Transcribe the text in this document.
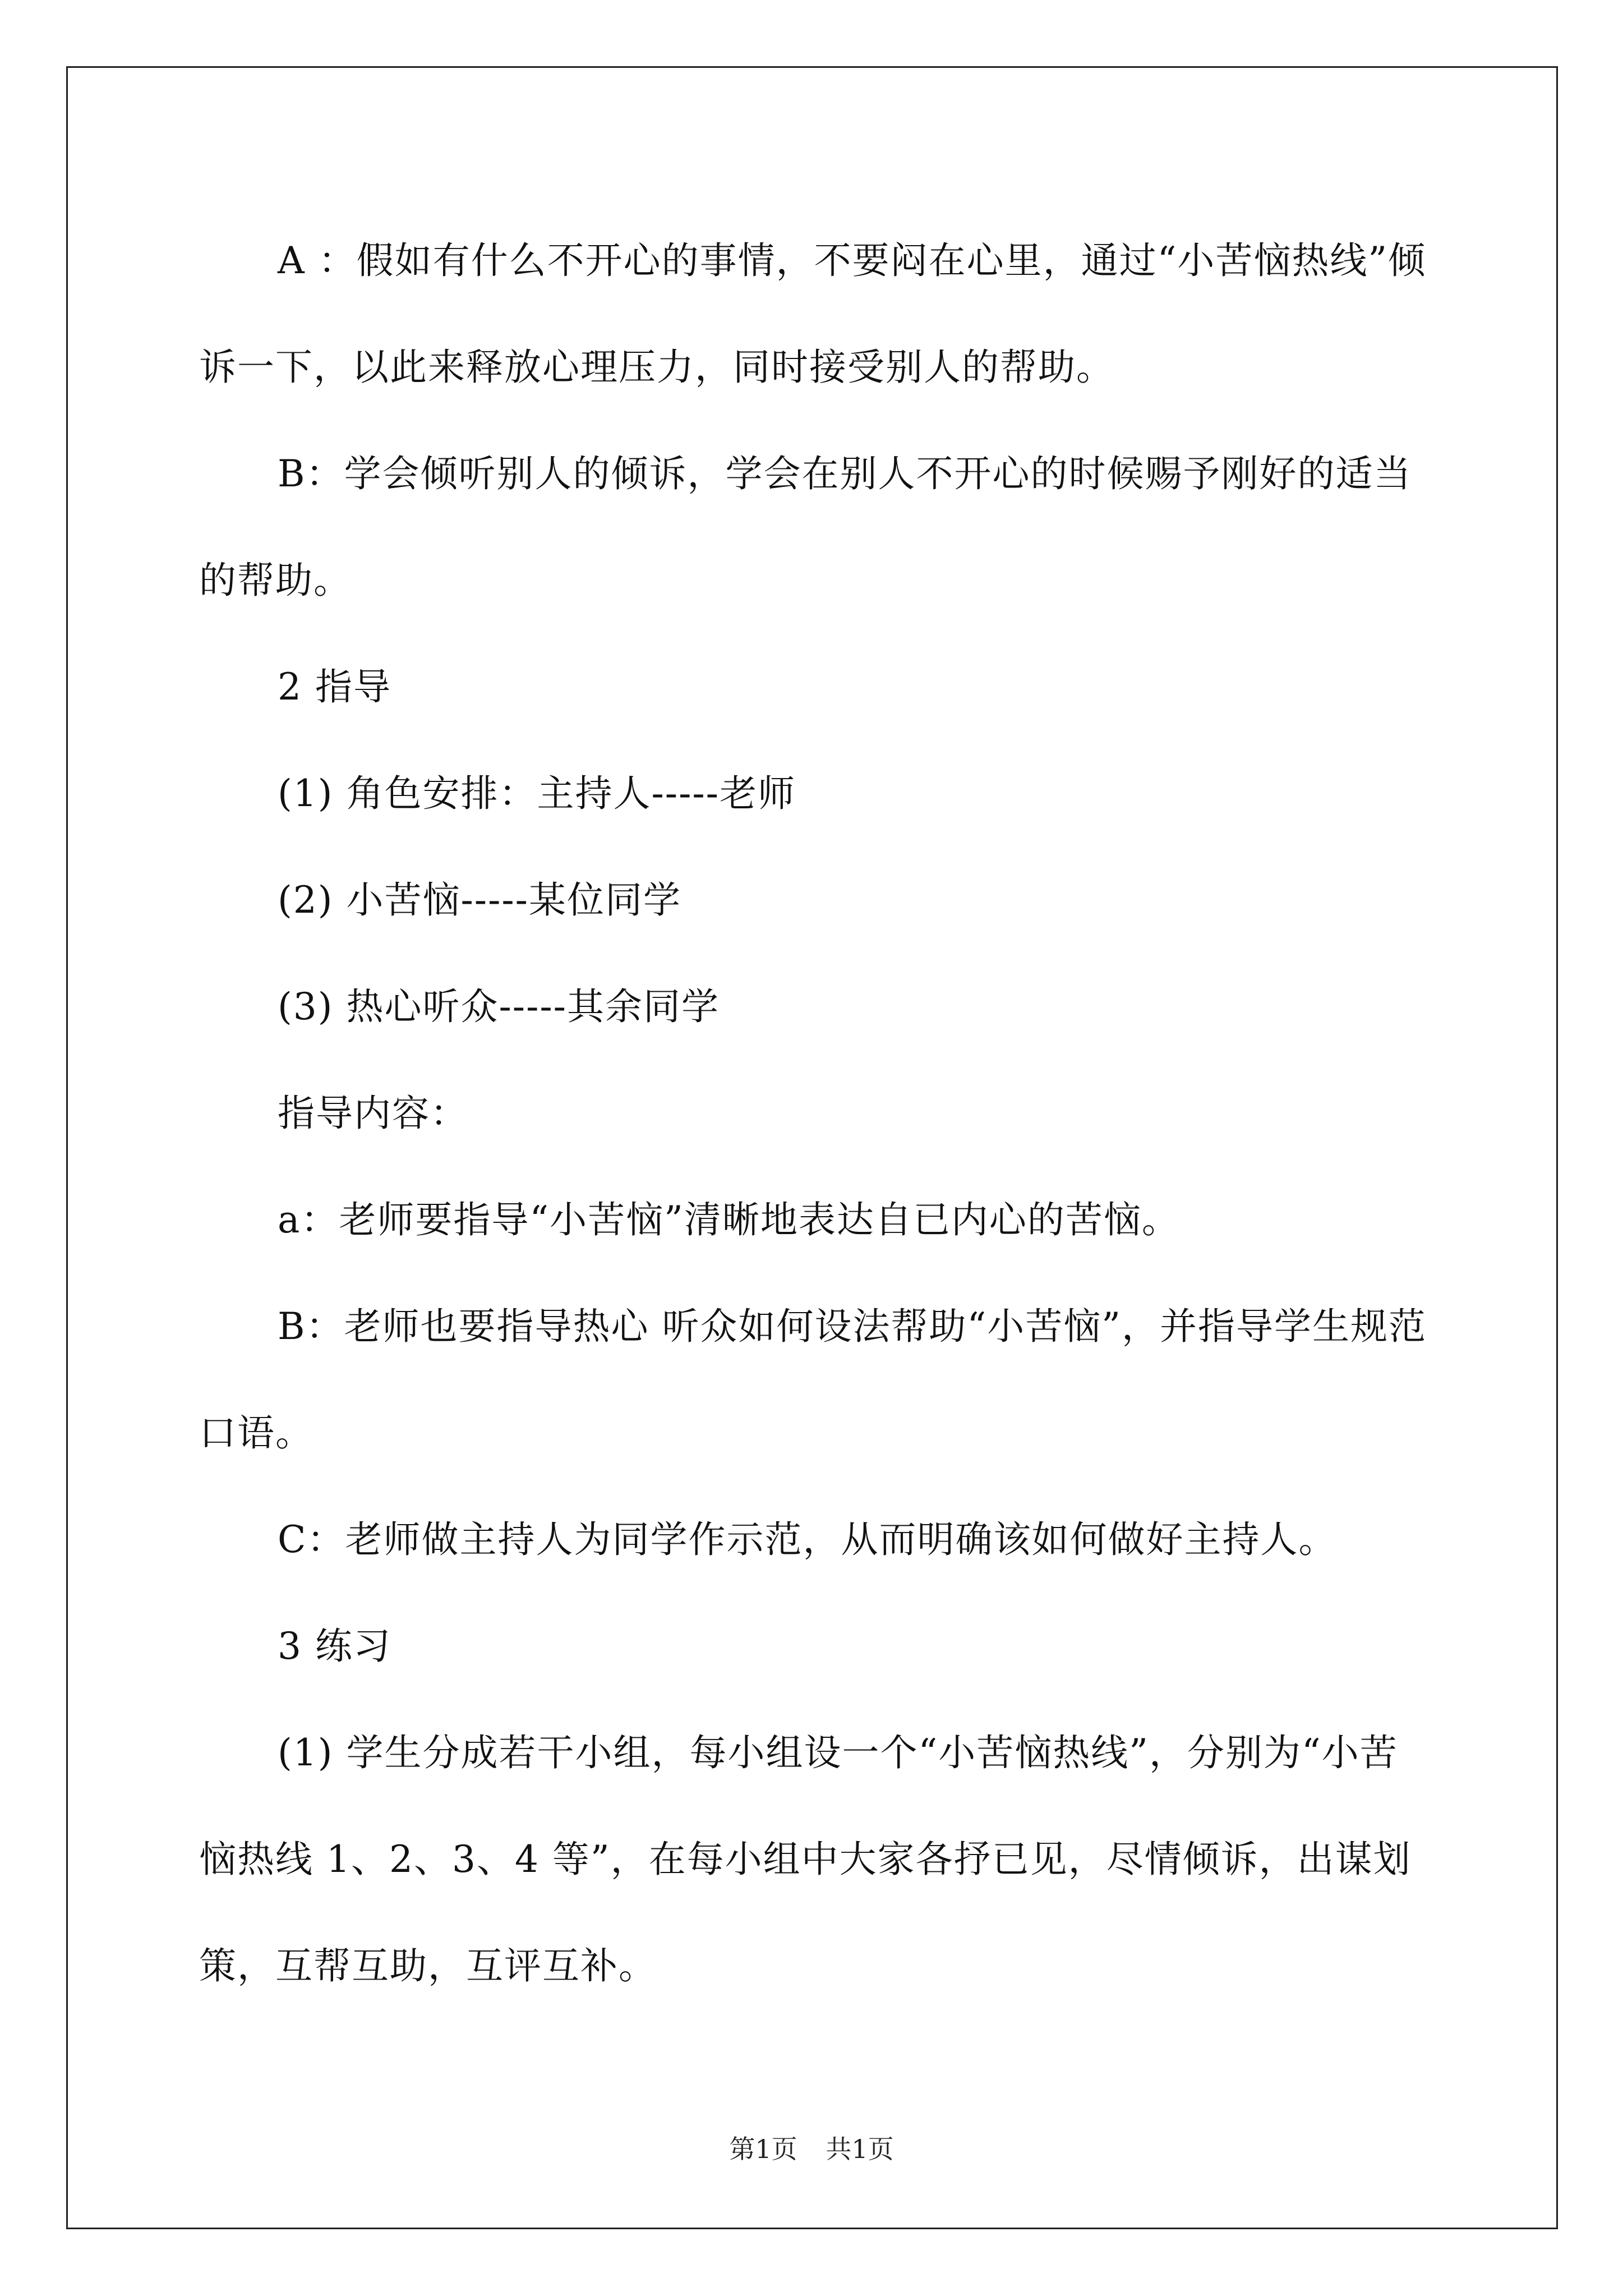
A ：假如有什么不开心的事情，不要闷在心里，通过“小苦恼热线”倾诉一下，以此来释放心理压力，同时接受别人的帮助。

B：学会倾听别人的倾诉，学会在别人不开心的时候赐予刚好的适当的帮助。

2 指导

(1) 角色安排：主持人-----老师

(2) 小苦恼-----某位同学

(3) 热心听众-----其余同学

指导内容：

a：老师要指导“小苦恼”清晰地表达自已内心的苦恼。

B：老师也要指导热心 听众如何设法帮助“小苦恼”，并指导学生规范口语。

C：老师做主持人为同学作示范，从而明确该如何做好主持人。

3 练习

(1) 学生分成若干小组，每小组设一个“小苦恼热线”，分别为“小苦恼热线 1、2、3、4 等”，在每小组中大家各抒已见，尽情倾诉，出谋划策，互帮互助，互评互补。

第1页 共1页
